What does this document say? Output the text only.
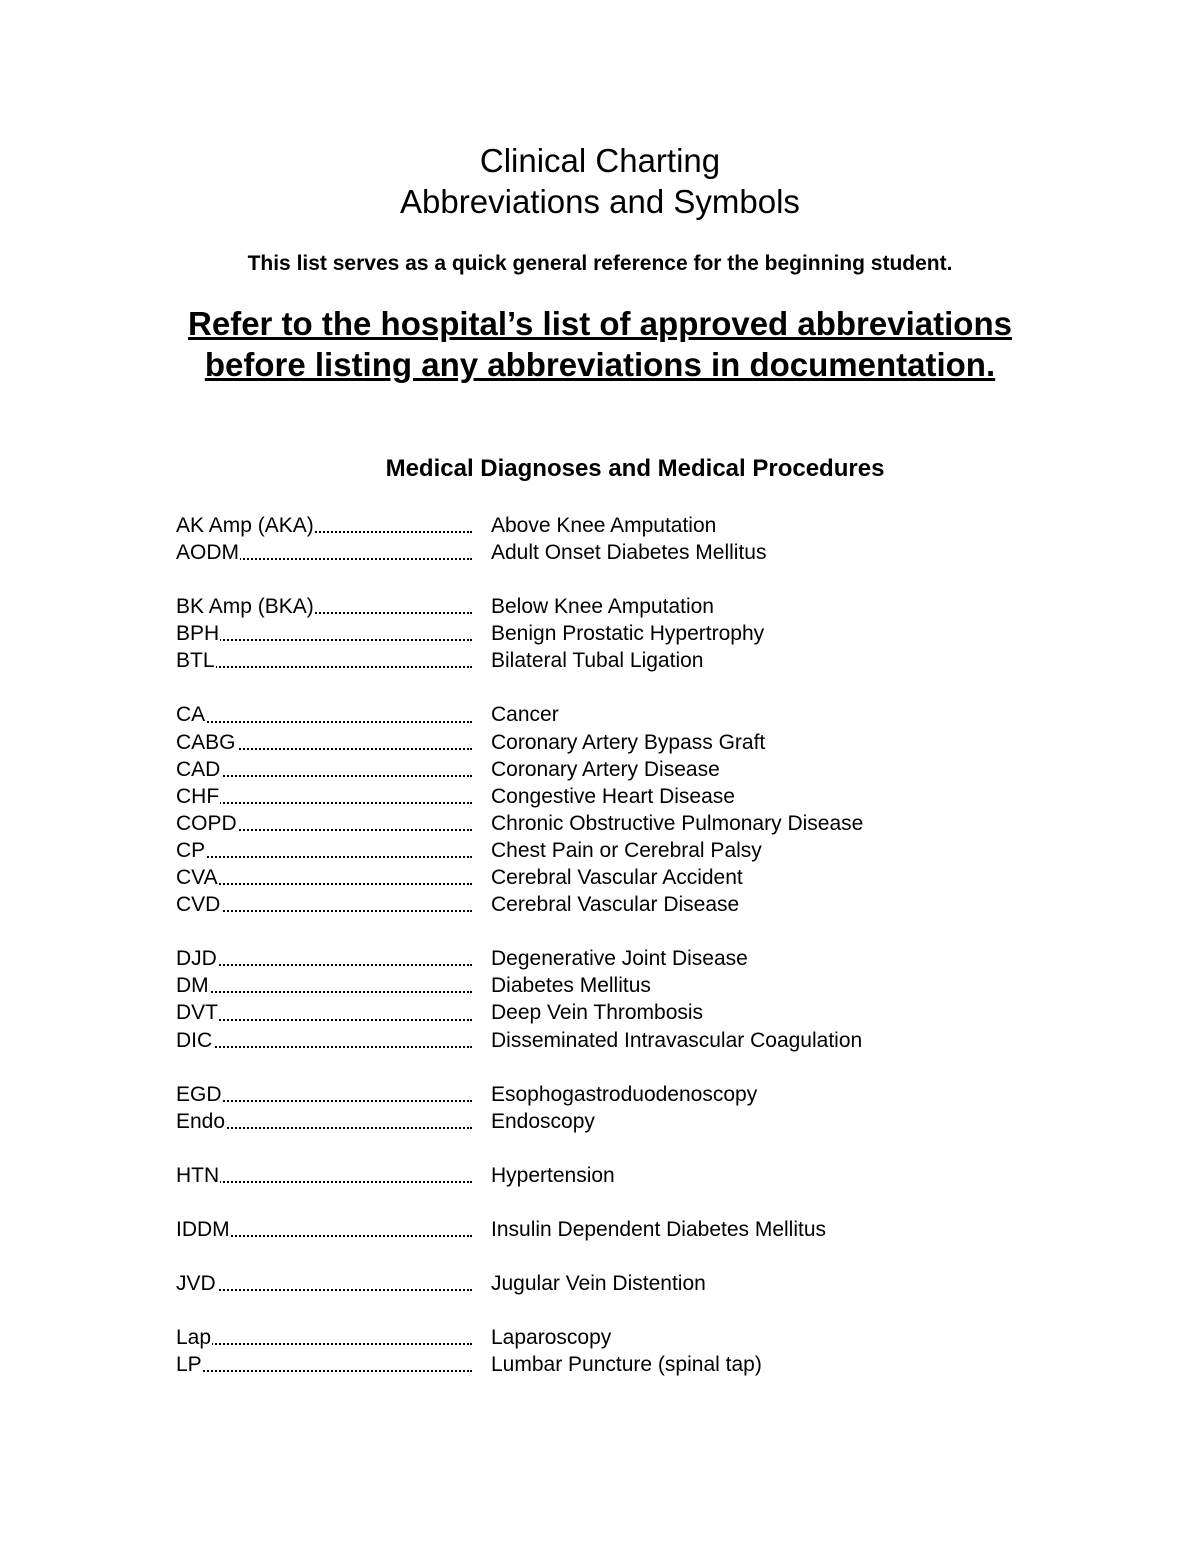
Clinical Charting
Abbreviations and Symbols
This list serves as a quick general reference for the beginning student.
Refer to the hospital’s list of approved abbreviations before listing any abbreviations in documentation.
Medical Diagnoses and Medical Procedures
AK Amp (AKA)	Above Knee Amputation
AODM	Adult Onset Diabetes Mellitus
BK Amp (BKA)	Below Knee Amputation
BPH	Benign Prostatic Hypertrophy
BTL	Bilateral Tubal Ligation
CA	Cancer
CABG	Coronary Artery Bypass Graft
CAD	Coronary Artery Disease
CHF	Congestive Heart Disease
COPD	Chronic Obstructive Pulmonary Disease
CP	Chest Pain or Cerebral Palsy
CVA	Cerebral Vascular Accident
CVD	Cerebral Vascular Disease
DJD	Degenerative Joint Disease
DM	Diabetes Mellitus
DVT	Deep Vein Thrombosis
DIC	Disseminated Intravascular Coagulation
EGD	Esophogastroduodenoscopy
Endo	Endoscopy
HTN	Hypertension
IDDM	Insulin Dependent Diabetes Mellitus
JVD	Jugular Vein Distention
Lap	Laparoscopy
LP	Lumbar Puncture (spinal tap)
